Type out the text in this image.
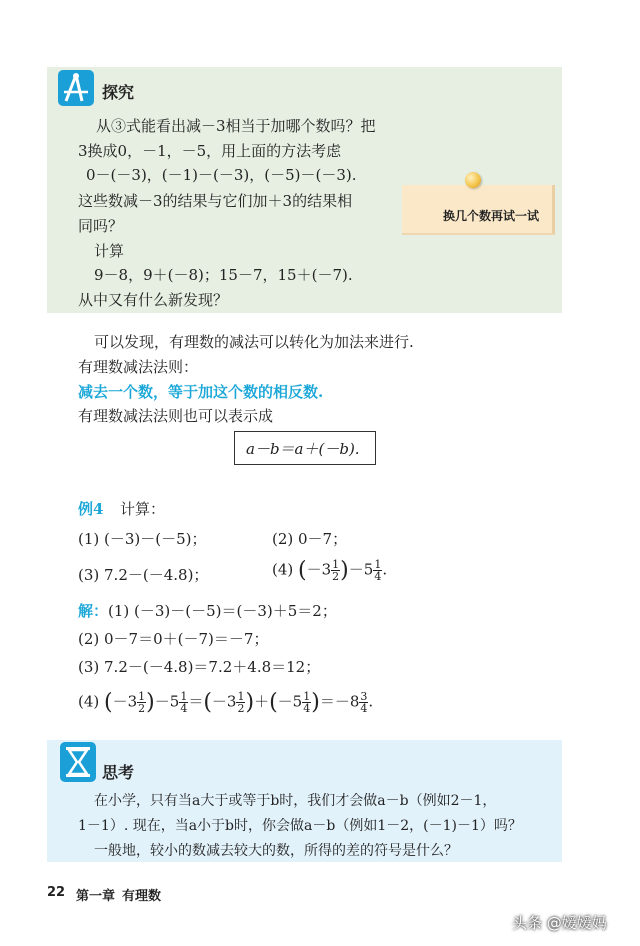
探究
从③式能看出减－3相当于加哪个数吗？把
3换成0，－1，－5，用上面的方法考虑
0－(－3)，(－1)－(－3)，(－5)－(－3).
这些数减－3的结果与它们加＋3的结果相
同吗？
计算
9－8，9＋(－8)；15－7，15＋(－7).
从中又有什么新发现？
换几个数再试一试
可以发现，有理数的减法可以转化为加法来进行.
有理数减法法则：
减去一个数，等于加这个数的相反数.
有理数减法法则也可以表示成
a－b＝a＋(－b).
例4 计算：
(1) (－3)－(－5)；	(2) 0－7；
(3) 7.2－(－4.8)；	(4) $(-3 \frac{1}{2} )-5 \frac{1}{4}$ .
解： (1) (－3)－(－5)＝(－3)＋5＝2；
(2) 0－7＝0＋(－7)＝－7；
(3) 7.2－(－4.8)＝7.2＋4.8＝12；
(4) $(-3 \frac{1}{2} )-5 \frac{1}{4} =(-3 \frac{1}{2} )+(-5 \frac{1}{4} )=-8 \frac{3}{4}$ .
思考
在小学，只有当a大于或等于b时，我们才会做a－b（例如2－1，
1－1）. 现在，当a小于b时，你会做a－b（例如1－2，(－1)－1）吗？
一般地，较小的数减去较大的数，所得的差的符号是什么？
22 第一章 有理数
头条 @嫒嫒妈
